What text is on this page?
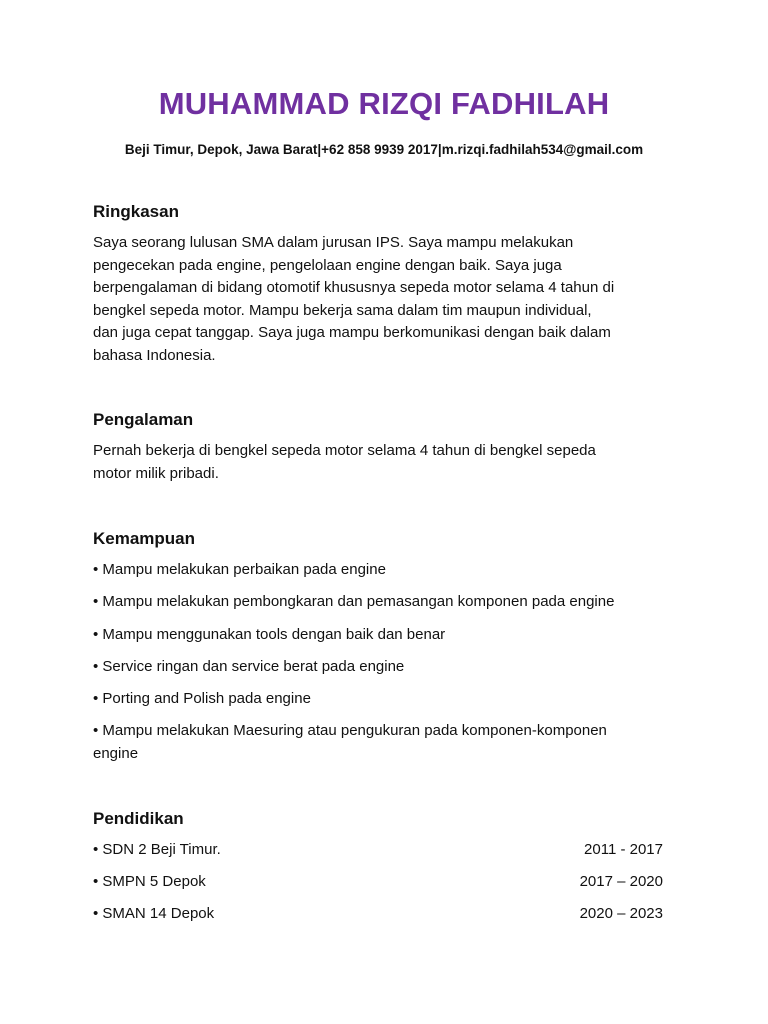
MUHAMMAD RIZQI FADHILAH
Beji Timur, Depok, Jawa Barat|+62 858 9939 2017|m.rizqi.fadhilah534@gmail.com
Ringkasan
Saya seorang lulusan SMA dalam jurusan IPS. Saya mampu melakukan
pengecekan pada engine, pengelolaan engine dengan baik. Saya juga
berpengalaman di bidang otomotif khususnya sepeda motor selama 4 tahun di
bengkel sepeda motor. Mampu bekerja sama dalam tim maupun individual,
dan juga cepat tanggap. Saya juga mampu berkomunikasi dengan baik dalam
bahasa Indonesia.
Pengalaman
Pernah bekerja di bengkel sepeda motor selama 4 tahun di bengkel sepeda
motor milik pribadi.
Kemampuan
• Mampu melakukan perbaikan pada engine
• Mampu melakukan pembongkaran dan pemasangan komponen pada engine
• Mampu menggunakan tools dengan baik dan benar
• Service ringan dan service berat pada engine
• Porting and Polish pada engine
• Mampu melakukan Maesuring atau pengukuran pada komponen-komponen
engine
Pendidikan
• SDN 2 Beji Timur.	2011 - 2017
• SMPN 5 Depok	2017 – 2020
• SMAN 14 Depok	2020 – 2023
